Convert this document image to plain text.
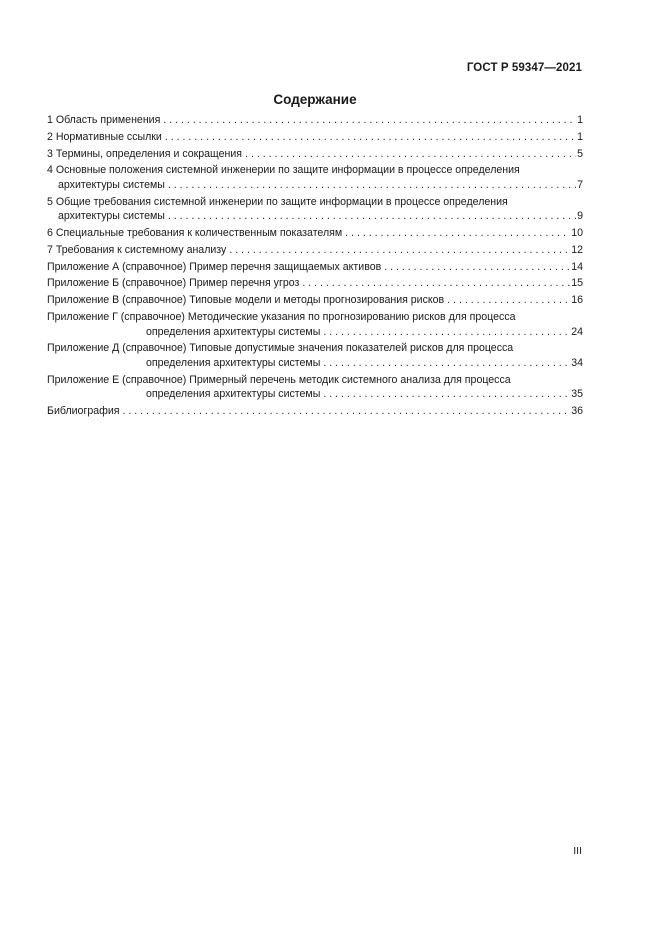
ГОСТ Р 59347—2021
Содержание
1 Область применения . . .	1
2 Нормативные ссылки . . .	1
3 Термины, определения и сокращения . . .	5
4 Основные положения системной инженерии по защите информации в процессе определения
архитектуры системы . . .	7
5 Общие требования системной инженерии по защите информации в процессе определения
архитектуры системы . . .	9
6 Специальные требования к количественным показателям . . .	10
7 Требования к системному анализу . . .	12
Приложение А (справочное) Пример перечня защищаемых активов . . .	14
Приложение Б (справочное) Пример перечня угроз . . .	15
Приложение В (справочное) Типовые модели и методы прогнозирования рисков . . .	16
Приложение Г (справочное) Методические указания по прогнозированию рисков для процесса
определения архитектуры системы . . .	24
Приложение Д (справочное) Типовые допустимые значения показателей рисков для процесса
определения архитектуры системы . . .	34
Приложение Е (справочное) Примерный перечень методик системного анализа для процесса
определения архитектуры системы . . .	35
Библиография . . .	36
III
